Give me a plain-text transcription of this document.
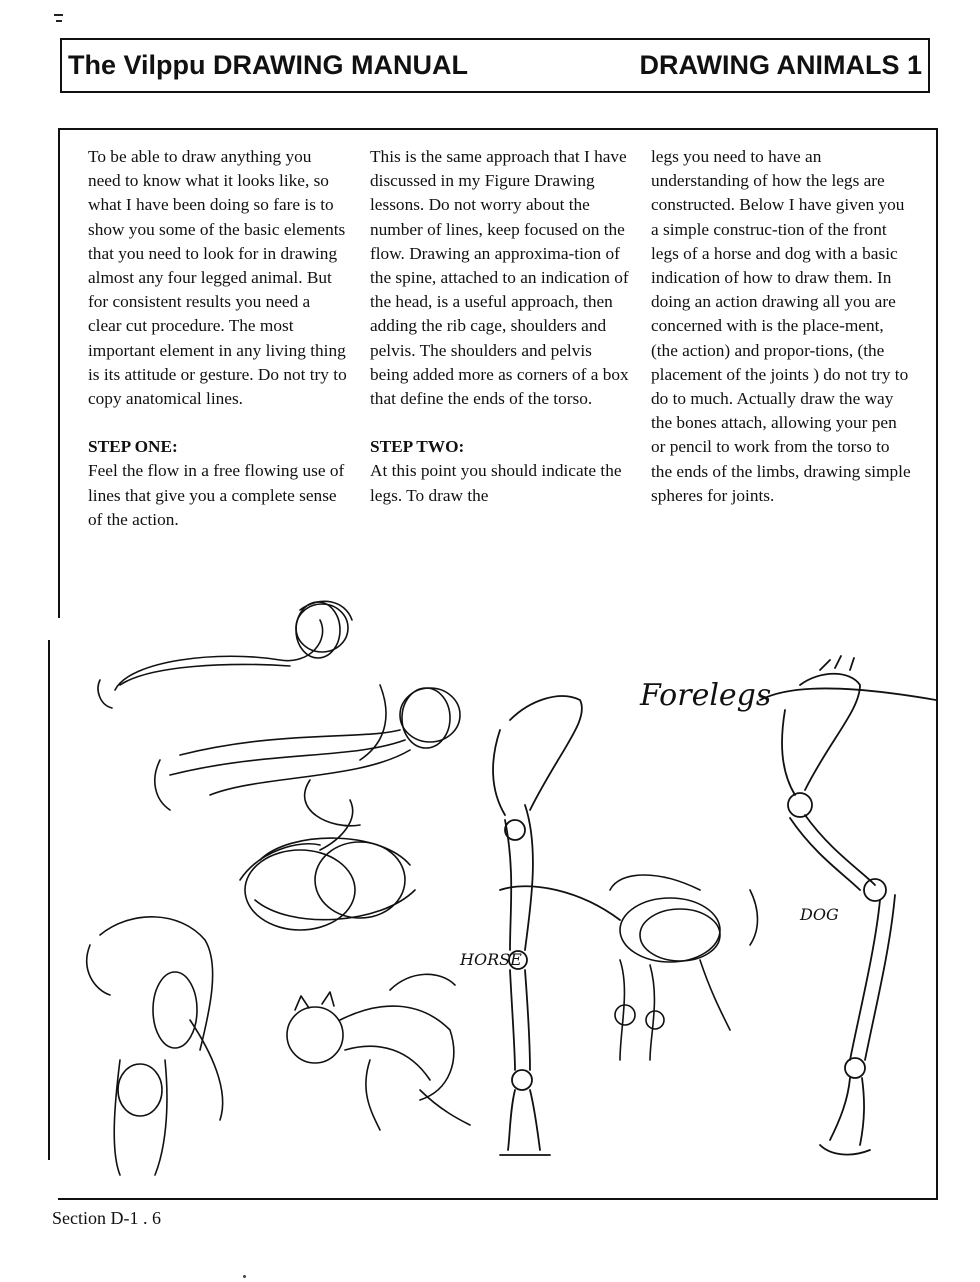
The Vilppu DRAWING MANUAL	DRAWING ANIMALS 1

To be able to draw anything you need to know what it looks like, so what I have been doing so fare is to show you some of the basic elements that you need to look for in drawing almost any four legged animal. But for consistent results you need a clear cut procedure. The most important element in any living thing is its attitude or gesture. Do not try to copy anatomical lines.

STEP ONE:

Feel the flow in a free flowing use of lines that give you a complete sense of the action.

This is the same approach that I have discussed in my Figure Drawing lessons. Do not worry about the number of lines, keep focused on the flow. Drawing an approxima-tion of the spine, attached to an indication of the head, is a useful approach, then adding the rib cage, shoulders and pelvis. The shoulders and pelvis being added more as corners of a box that define the ends of the torso.

STEP TWO:

At this point you should indicate the legs. To draw the

legs you need to have an understanding of how the legs are constructed. Below I have given you a simple construc-tion of the front legs of a horse and dog with a basic indication of how to draw them. In doing an action drawing all you are concerned with is the place-ment, (the action) and propor-tions, (the placement of the joints ) do not try to do to much. Actually draw the way the bones attach, allowing your pen or pencil to work from the torso to the ends of the limbs, drawing simple spheres for joints.

Forelegs
HORSE
DOG
Section D-1 . 6
